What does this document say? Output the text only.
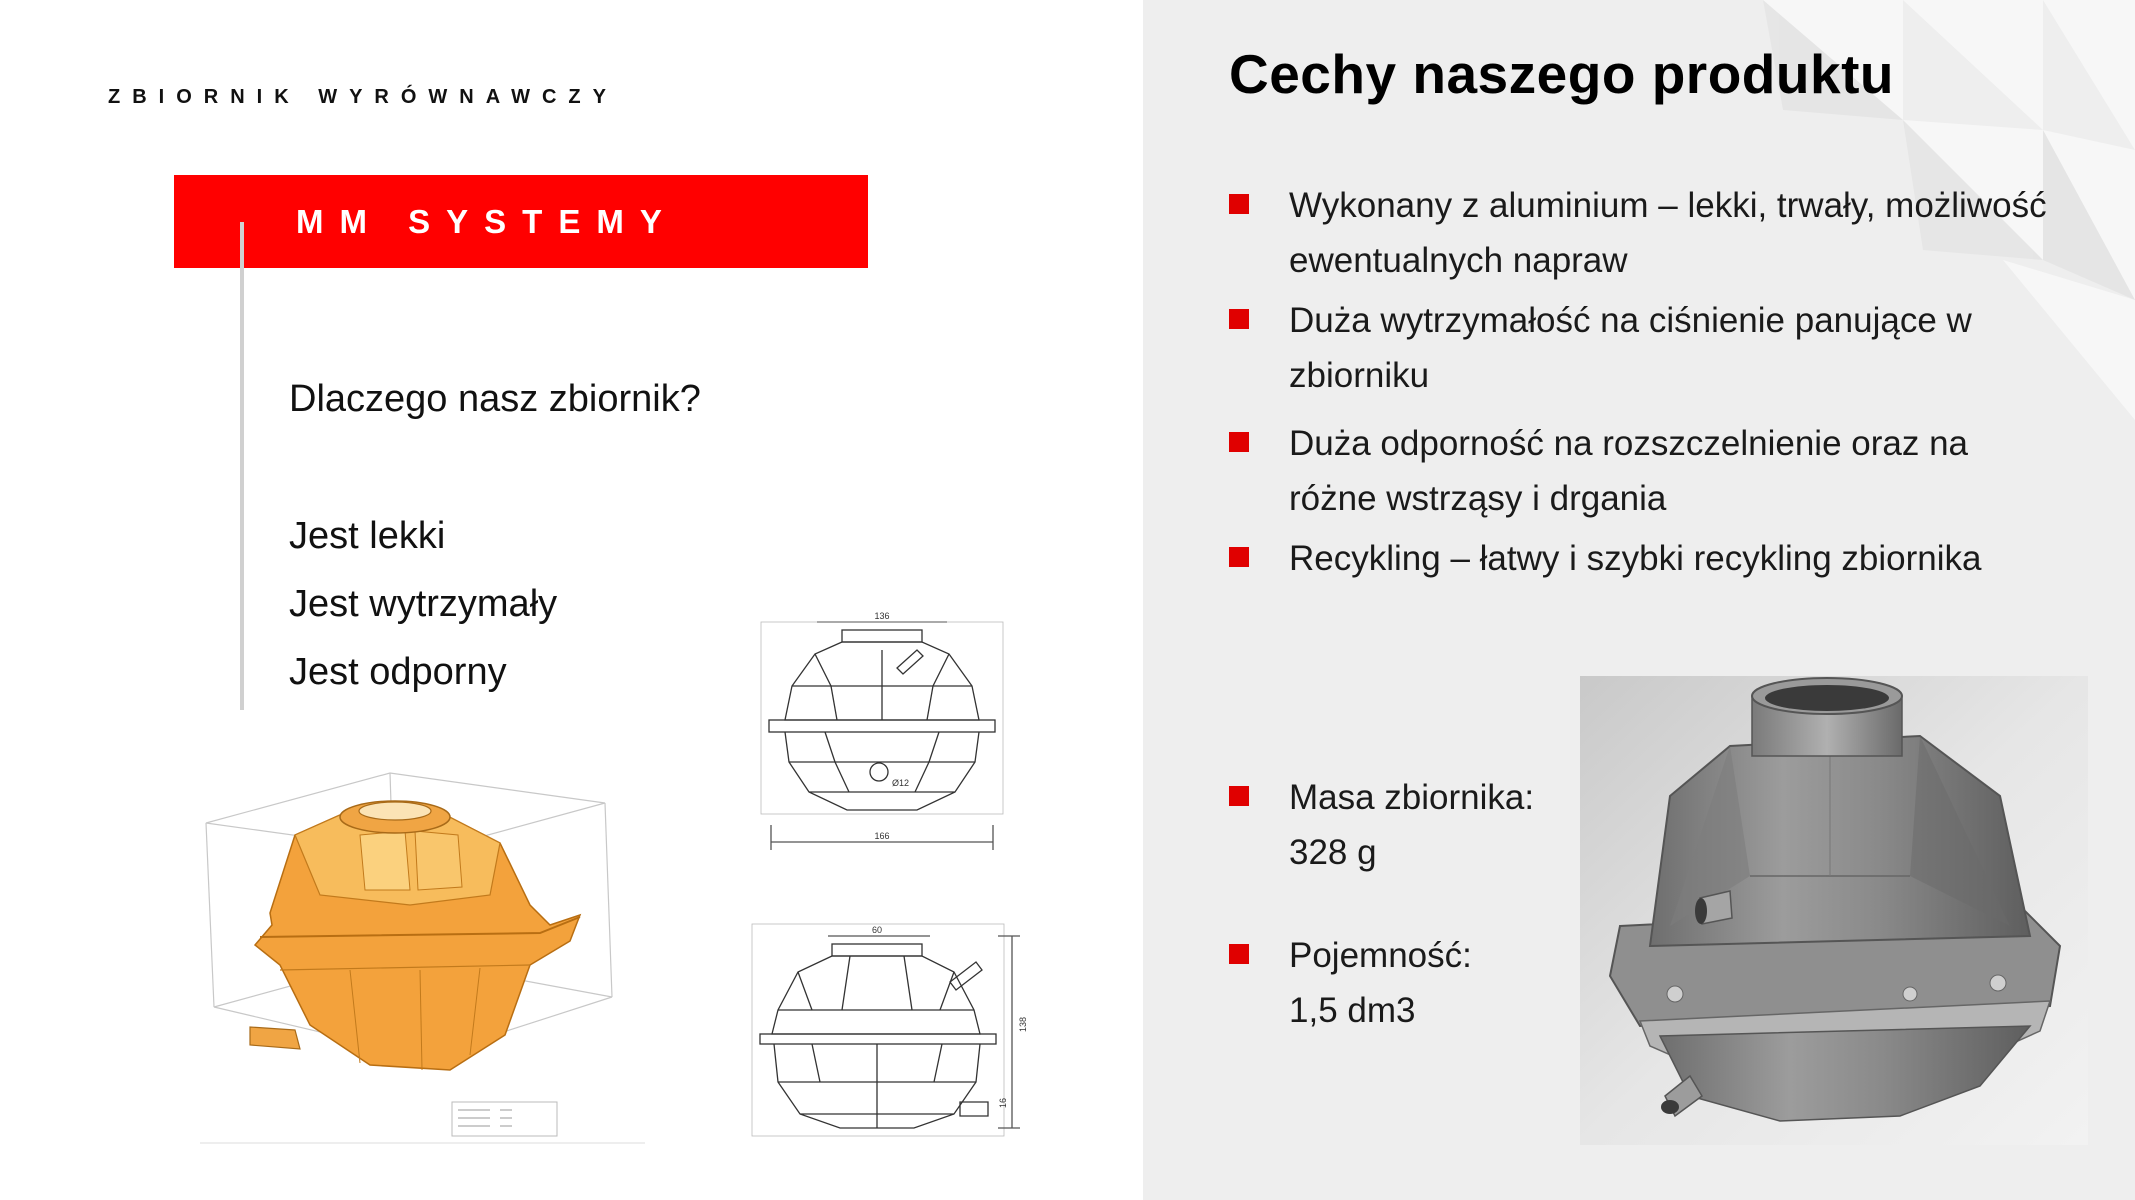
ZBIORNIK WYRÓWNAWCZY
MM SYSTEMY
Dlaczego nasz zbiornik?
Jest lekki
Jest wytrzymały
Jest odporny
136
166
Ø12
60
138
16
Cechy naszego produktu
Wykonany z aluminium – lekki, trwały, możliwość ewentualnych napraw
Duża wytrzymałość na ciśnienie panujące w zbiorniku
Duża odporność na rozszczelnienie oraz na różne wstrząsy i drgania
Recykling – łatwy i szybki recykling zbiornika
Masa zbiornika:
328 g
Pojemność:
1,5 dm3
